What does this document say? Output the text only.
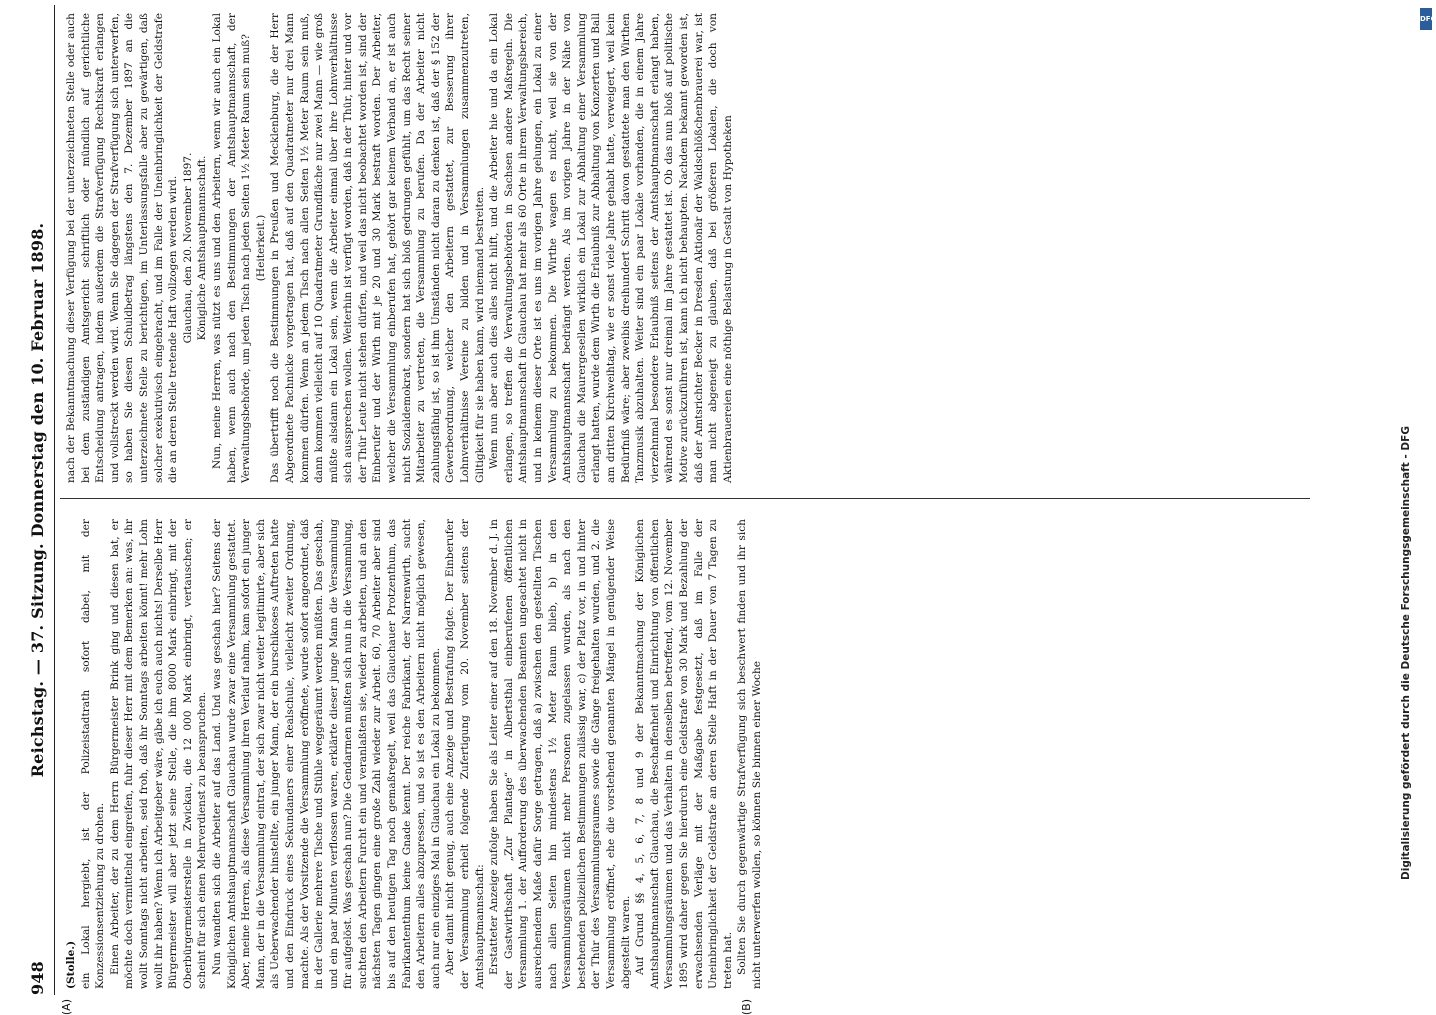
948
Reichstag. — 37. Sitzung. Donnerstag den 10. Februar 1898.

(Stolle.) ein Lokal hergiebt, ist der Polizeistadtrath sofort dabei, mit der Konzessionsentziehung zu drohen. Einen Arbeiter, der zu dem Herrn Bürgermeister Brink ging und diesen bat, er möchte doch vermittelnd eingreifen, fuhr dieser Herr mit dem Bemerken an: was, ihr wollt Sonntags nicht arbeiten, seid froh, daß ihr Sonntags arbeiten könnt! mehr Lohn wollt ihr haben? Wenn ich Arbeitgeber wäre, gäbe ich euch auch nichts! Derselbe Herr Bürgermeister will aber jetzt seine Stelle, die ihm 8000 Mark einbringt, mit der Oberbürgermeisterstelle in Zwickau, die 12 000 Mark einbringt, vertauschen; er scheint für sich einen Mehrverdienst zu beanspruchen. Nun wandten sich die Arbeiter auf das Land. Und was geschah hier? Seitens der Königlichen Amtshauptmannschaft Glauchau wurde zwar eine Versammlung gestattet. Aber, meine Herren, als diese Versammlung ihren Verlauf nahm, kam sofort ein junger Mann, der in die Versammlung eintrat, der sich zwar nicht weiter legitimirte, aber sich als Ueberwachender hinstellte, ein junger Mann, der ein burschikoses Auftreten hatte und den Eindruck eines Sekundaners einer Realschule, vielleicht zweiter Ordnung, machte. Als der Vorsitzende die Versammlung eröffnete, wurde sofort angeordnet, daß in der Gallerie mehrere Tische und Stühle weggeräumt werden müßten. Das geschah, und ein paar Minuten verflossen waren, erklärte dieser junge Mann die Versammlung für aufgelöst. Was geschah nun? Die Gendarmen mußten sich nun in die Versammlung, suchten den Arbeitern Furcht ein und veranlaßten sie, wieder zu arbeiten, und an den nächsten Tagen gingen eine große Zahl wieder zur Arbeit. 60, 70 Arbeiter aber sind bis auf den heutigen Tag noch gemaßregelt, weil das Glauchauer Protzenthum, das Fabrikantenthum keine Gnade kennt. Der reiche Fabrikant, der Narrenwirth, sucht den Arbeitern alles abzupressen, und so ist es den Arbeitern nicht möglich gewesen, auch nur ein einziges Mal in Glauchau ein Lokal zu bekommen. Aber damit nicht genug, auch eine Anzeige und Bestrafung folgte. Der Einberufer der Versammlung erhielt folgende Zufertigung vom 20. November seitens der Amtshauptmannschaft: Erstatteter Anzeige zufolge haben Sie als Leiter einer auf den 18. November d. J. in der Gastwirthschaft „Zur Plantage“ in Albertsthal einberufenen öffentlichen Versammlung 1. der Aufforderung des überwachenden Beamten ungeachtet nicht in ausreichendem Maße dafür Sorge getragen, daß a) zwischen den gestellten Tischen nach allen Seiten hin mindestens 1½ Meter Raum blieb, b) in den Versammlungsräumen nicht mehr Personen zugelassen wurden, als nach den bestehenden polizeilichen Bestimmungen zulässig war, c) der Platz vor, in und hinter der Thür des Versammlungsraumes sowie die Gänge freigehalten wurden, und 2. die Versammlung eröffnet, ehe die vorstehend genannten Mängel in genügender Weise abgestellt waren. Auf Grund §§ 4, 5, 6, 7, 8 und 9 der Bekanntmachung der Königlichen Amtshauptmannschaft Glauchau, die Beschaffenheit und Einrichtung von öffentlichen Versammlungsräumen und das Verhalten in denselben betreffend, vom 12. November 1895 wird daher gegen Sie hierdurch eine Geldstrafe von 30 Mark und Bezahlung der erwachsenden Verläge mit der Maßgabe festgesetzt, daß im Falle der Uneinbringlichkeit der Geldstrafe an deren Stelle Haft in der Dauer von 7 Tagen zu treten hat. Sollten Sie durch gegenwärtige Strafverfügung sich beschwert finden und ihr sich nicht unterwerfen wollen, so können Sie binnen einer Woche

nach der Bekanntmachung dieser Verfügung bei der unterzeichneten Stelle oder auch bei dem zuständigen Amtsgericht schriftlich oder mündlich auf gerichtliche Entscheidung antragen, indem außerdem die Strafverfügung Rechtskraft erlangen und vollstreckt werden wird. Wenn Sie dagegen der Strafverfügung sich unterwerfen, so haben Sie diesen Schuldbetrag längstens den 7. Dezember 1897 an die unterzeichnete Stelle zu berichtigen, im Unterlassungsfalle aber zu gewärtigen, daß solcher exekutivisch eingebracht, und im Falle der Uneinbringlichkeit der Geldstrafe die an deren Stelle tretende Haft vollzogen werden wird. Glauchau, den 20. November 1897. Königliche Amtshauptmannschaft. Nun, meine Herren, was nützt es uns und den Arbeitern, wenn wir auch ein Lokal haben, wenn auch nach den Bestimmungen der Amtshauptmannschaft, der Verwaltungsbehörde, um jeden Tisch nach jeden Seiten 1½ Meter Raum sein muß? (Heiterkeit.) Das übertrifft noch die Bestimmungen in Preußen und Mecklenburg, die der Herr Abgeordnete Pachnicke vorgetragen hat, daß auf den Quadratmeter nur drei Mann kommen dürfen. Wenn an jedem Tisch nach allen Seiten 1½ Meter Raum sein muß, dann kommen vielleicht auf 10 Quadratmeter Grundfläche nur zwei Mann — wie groß müßte alsdann ein Lokal sein, wenn die Arbeiter einmal über ihre Lohnverhältnisse sich aussprechen wollen. Weiterhin ist verfügt worden, daß in der Thür, hinter und vor der Thür Leute nicht stehen dürfen, und weil das nicht beobachtet worden ist, sind der Einberufer und der Wirth mit je 20 und 30 Mark bestraft worden. Der Arbeiter, welcher die Versammlung einberufen hat, gehört gar keinem Verband an, er ist auch nicht Sozialdemokrat, sondern hat sich bloß gedrungen gefühlt, um das Recht seiner Mitarbeiter zu vertreten, die Versammlung zu berufen. Da der Arbeiter nicht zahlungsfähig ist, so ist ihm Umständen nicht daran zu denken ist, daß der § 152 der Gewerbeordnung, welcher den Arbeitern gestattet, zur Besserung ihrer Lohnverhältnisse Vereine zu bilden und in Versammlungen zusammenzutreten, Giltigkeit für sie haben kann, wird niemand bestreiten. Wenn nun aber auch dies alles nicht hilft, und die Arbeiter hie und da ein Lokal erlangen, so treffen die Verwaltungsbehörden in Sachsen andere Maßregeln. Die Amtshauptmannschaft in Glauchau hat mehr als 60 Orte in ihrem Verwaltungsbereich, und in keinem dieser Orte ist es uns im vorigen Jahre gelungen, ein Lokal zu einer Versammlung zu bekommen. Die Wirthe wagen es nicht, weil sie von der Amtshauptmannschaft bedrängt werden. Als im vorigen Jahre in der Nähe von Glauchau die Maurergesellen wirklich ein Lokal zur Abhaltung einer Versammlung erlangt hatten, wurde dem Wirth die Erlaubniß zur Abhaltung von Konzerten und Ball am dritten Kirchweihtag, wie er sonst viele Jahre gehabt hatte, verweigert, weil kein Bedürfniß wäre; aber zweibis dreihundert Schritt davon gestattete man den Wirthen Tanzmusik abzuhalten. Weiter sind ein paar Lokale vorhanden, die in einem Jahre vierzehnmal besondere Erlaubniß seitens der Amtshauptmannschaft erlangt haben, während es sonst nur dreimal im Jahre gestattet ist. Ob das nun bloß auf politische Motive zurückzuführen ist, kann ich nicht behaupten. Nachdem bekannt geworden ist, daß der Amtsrichter Becker in Dresden Aktionär der Waldschlößchenbrauerei war, ist man nicht abgeneigt zu glauben, daß bei größeren Lokalen, die doch von Aktienbrauereien eine nöthige Belastung in Gestalt von Hypotheken

(A)	(B)
Digitalisierung gefördert durch die Deutsche Forschungsgemeinschaft - DFG
DFG
